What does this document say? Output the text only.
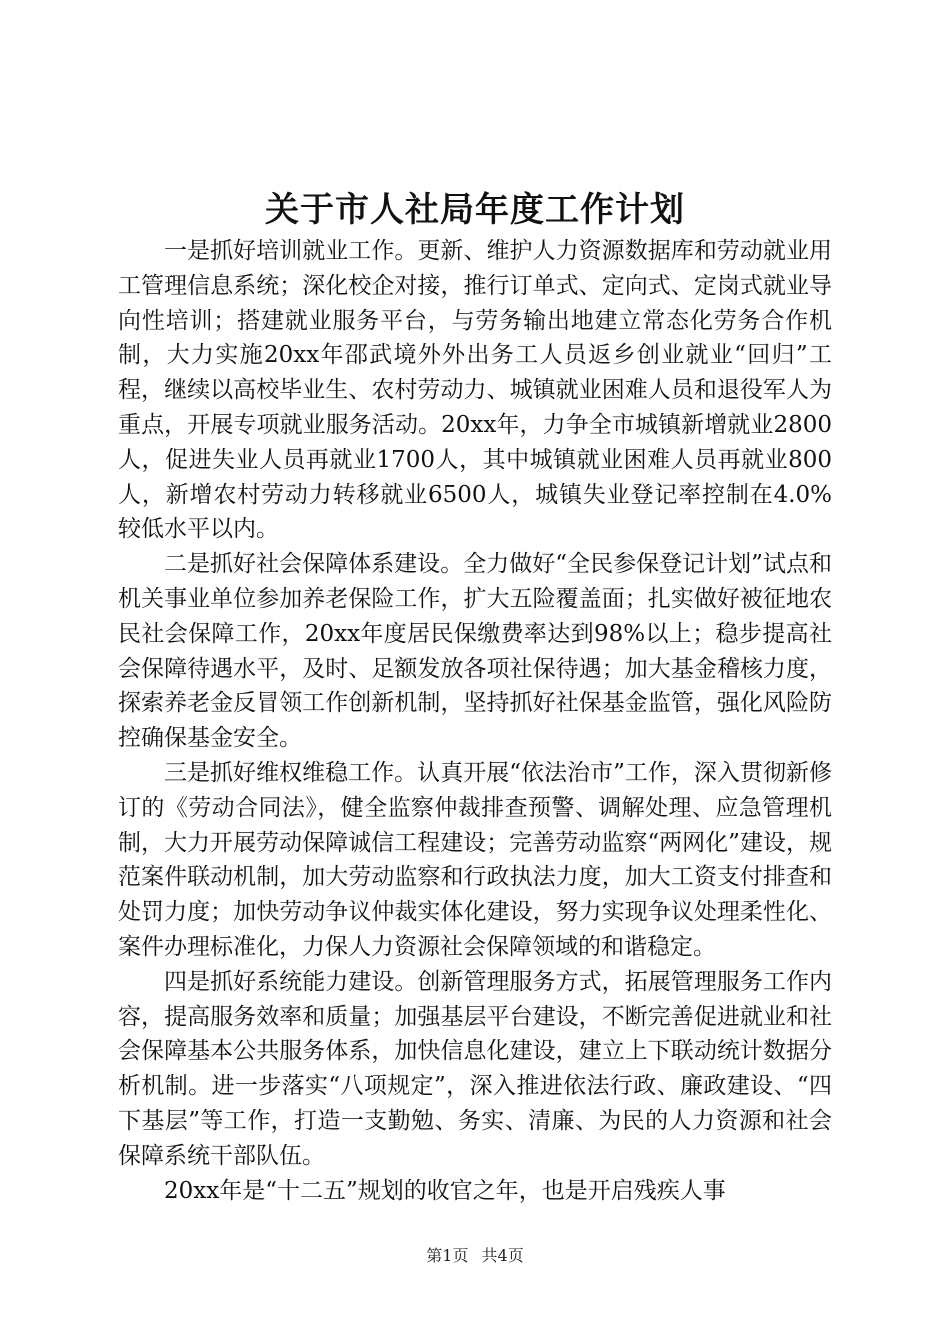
关于市人社局年度工作计划

一是抓好培训就业工作。更新、维护人力资源数据库和劳动就业用工管理信息系统；深化校企对接，推行订单式、定向式、定岗式就业导向性培训；搭建就业服务平台，与劳务输出地建立常态化劳务合作机制，大力实施20xx年邵武境外外出务工人员返乡创业就业“回归”工程，继续以高校毕业生、农村劳动力、城镇就业困难人员和退役军人为重点，开展专项就业服务活动。20xx年，力争全市城镇新增就业2800人，促进失业人员再就业1700人，其中城镇就业困难人员再就业800人，新增农村劳动力转移就业6500人，城镇失业登记率控制在4.0%较低水平以内。

二是抓好社会保障体系建设。全力做好“全民参保登记计划”试点和机关事业单位参加养老保险工作，扩大五险覆盖面；扎实做好被征地农民社会保障工作，20xx年度居民保缴费率达到98%以上；稳步提高社会保障待遇水平，及时、足额发放各项社保待遇；加大基金稽核力度，探索养老金反冒领工作创新机制，坚持抓好社保基金监管，强化风险防控确保基金安全。

三是抓好维权维稳工作。认真开展“依法治市”工作，深入贯彻新修订的《劳动合同法》，健全监察仲裁排查预警、调解处理、应急管理机制，大力开展劳动保障诚信工程建设；完善劳动监察“两网化”建设，规范案件联动机制，加大劳动监察和行政执法力度，加大工资支付排查和处罚力度；加快劳动争议仲裁实体化建设，努力实现争议处理柔性化、案件办理标准化，力保人力资源社会保障领域的和谐稳定。

四是抓好系统能力建设。创新管理服务方式，拓展管理服务工作内容，提高服务效率和质量；加强基层平台建设，不断完善促进就业和社会保障基本公共服务体系，加快信息化建设，建立上下联动统计数据分析机制。进一步落实“八项规定”，深入推进依法行政、廉政建设、“四下基层”等工作，打造一支勤勉、务实、清廉、为民的人力资源和社会保障系统干部队伍。

20xx年是“十二五”规划的收官之年，也是开启残疾人事

第1页 共4页
